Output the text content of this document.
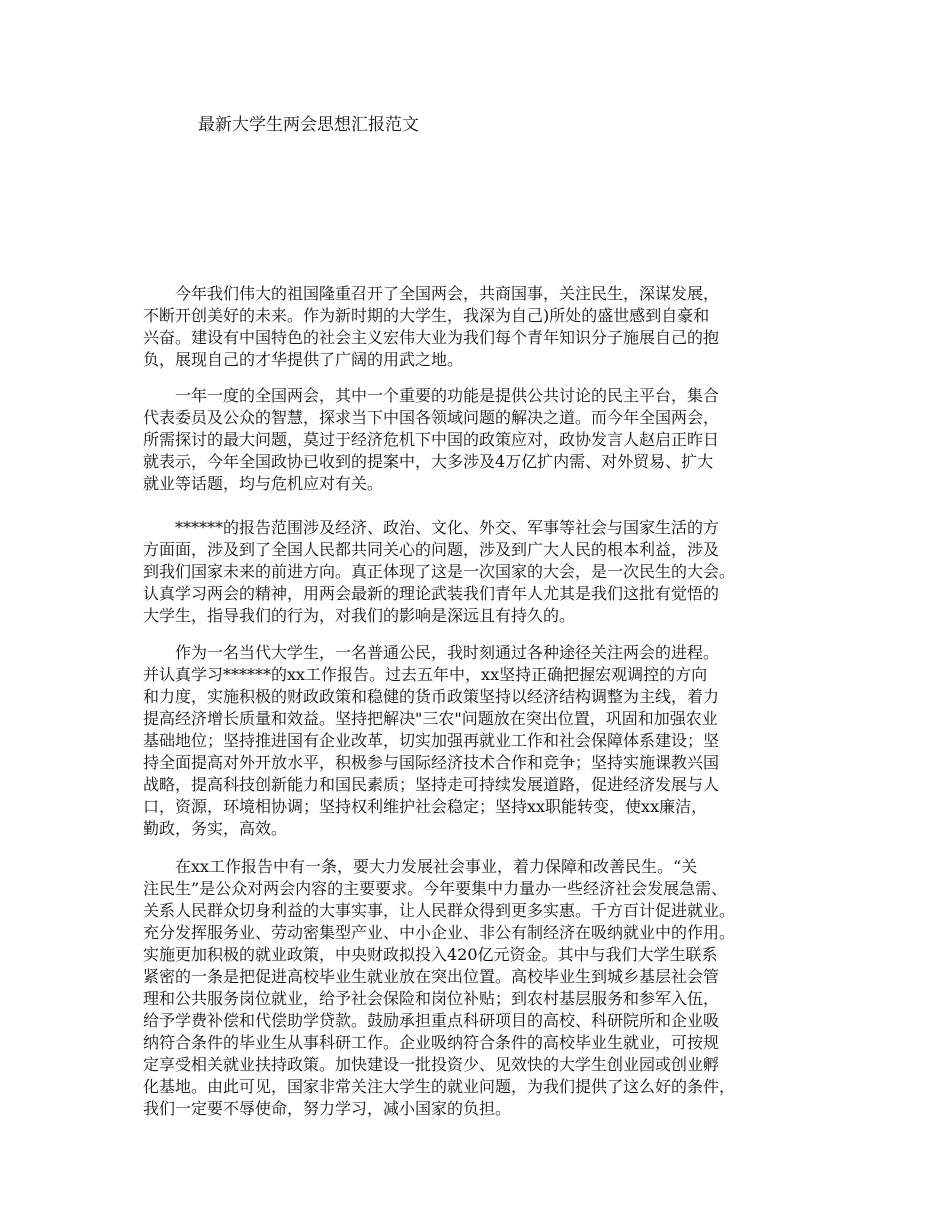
最新大学生两会思想汇报范文
　　今年我们伟大的祖国隆重召开了全国两会，共商国事，关注民生，深谋发展，
不断开创美好的未来。作为新时期的大学生，我深为自己)所处的盛世感到自豪和
兴奋。建设有中国特色的社会主义宏伟大业为我们每个青年知识分子施展自己的抱
负，展现自己的才华提供了广阔的用武之地。
　　一年一度的全国两会，其中一个重要的功能是提供公共讨论的民主平台，集合
代表委员及公众的智慧，探求当下中国各领域问题的解决之道。而今年全国两会，
所需探讨的最大问题，莫过于经济危机下中国的政策应对，政协发言人赵启正昨日
就表示，今年全国政协已收到的提案中，大多涉及4万亿扩内需、对外贸易、扩大
就业等话题，均与危机应对有关。
　　******的报告范围涉及经济、政治、文化、外交、军事等社会与国家生活的方
方面面，涉及到了全国人民都共同关心的问题，涉及到广大人民的根本利益，涉及
到我们国家未来的前进方向。真正体现了这是一次国家的大会，是一次民生的大会。
认真学习两会的精神，用两会最新的理论武装我们青年人尤其是我们这批有觉悟的
大学生，指导我们的行为，对我们的影响是深远且有持久的。
　　作为一名当代大学生，一名普通公民，我时刻通过各种途径关注两会的进程。
并认真学习******的xx工作报告。过去五年中，xx坚持正确把握宏观调控的方向
和力度，实施积极的财政政策和稳健的货币政策坚持以经济结构调整为主线，着力
提高经济增长质量和效益。坚持把解决"三农"问题放在突出位置，巩固和加强农业
基础地位；坚持推进国有企业改革，切实加强再就业工作和社会保障体系建设；坚
持全面提高对外开放水平，积极参与国际经济技术合作和竞争；坚持实施课教兴国
战略，提高科技创新能力和国民素质；坚持走可持续发展道路，促进经济发展与人
口，资源，环境相协调；坚持权利维护社会稳定；坚持xx职能转变，使xx廉洁，
勤政，务实，高效。
　　在xx工作报告中有一条，要大力发展社会事业，着力保障和改善民生。“关
注民生”是公众对两会内容的主要要求。今年要集中力量办一些经济社会发展急需、
关系人民群众切身利益的大事实事，让人民群众得到更多实惠。千方百计促进就业。
充分发挥服务业、劳动密集型产业、中小企业、非公有制经济在吸纳就业中的作用。
实施更加积极的就业政策，中央财政拟投入420亿元资金。其中与我们大学生联系
紧密的一条是把促进高校毕业生就业放在突出位置。高校毕业生到城乡基层社会管
理和公共服务岗位就业，给予社会保险和岗位补贴；到农村基层服务和参军入伍，
给予学费补偿和代偿助学贷款。鼓励承担重点科研项目的高校、科研院所和企业吸
纳符合条件的毕业生从事科研工作。企业吸纳符合条件的高校毕业生就业，可按规
定享受相关就业扶持政策。加快建设一批投资少、见效快的大学生创业园或创业孵
化基地。由此可见，国家非常关注大学生的就业问题，为我们提供了这么好的条件，
我们一定要不辱使命，努力学习，减小国家的负担。
